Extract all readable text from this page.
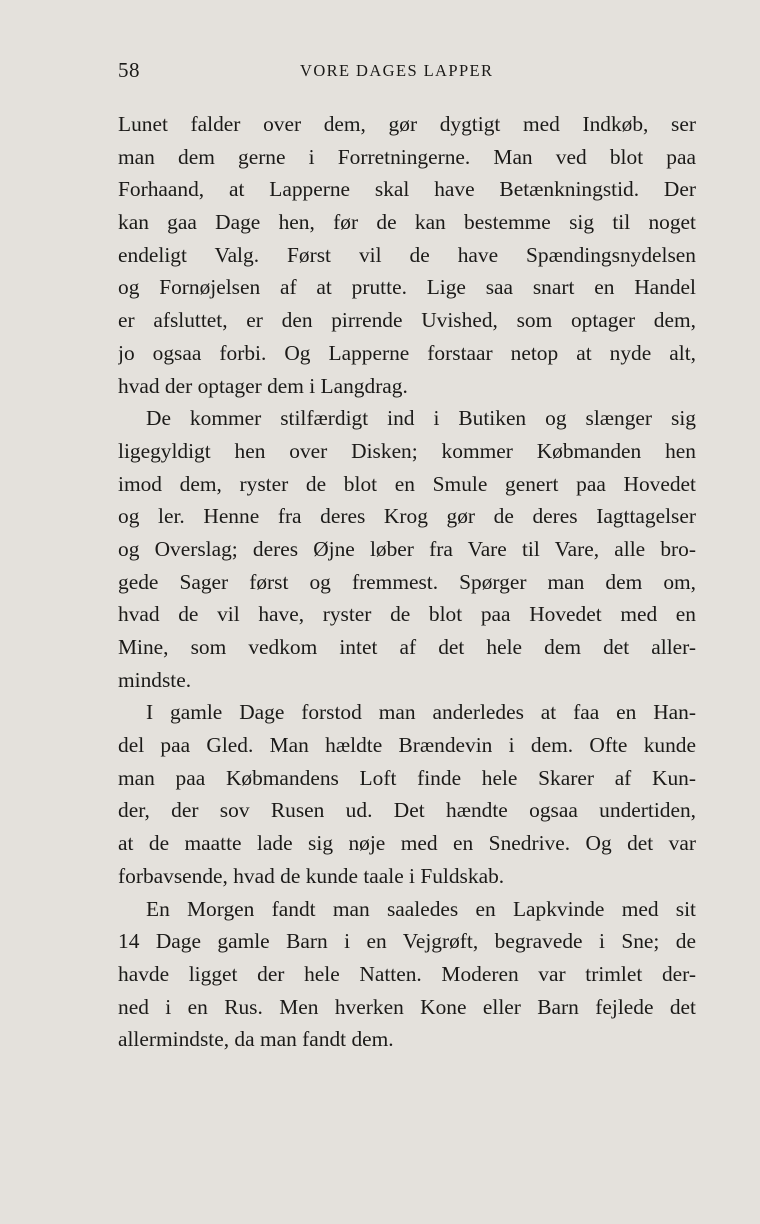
58	VORE DAGES LAPPER
Lunet falder over dem, gør dygtigt med Indkøb, ser
man dem gerne i Forretningerne. Man ved blot paa
Forhaand, at Lapperne skal have Betænkningstid. Der
kan gaa Dage hen, før de kan bestemme sig til noget
endeligt Valg. Først vil de have Spændingsnydelsen
og Fornøjelsen af at prutte. Lige saa snart en Handel
er afsluttet, er den pirrende Uvished, som optager dem,
jo ogsaa forbi. Og Lapperne forstaar netop at nyde alt,
hvad der optager dem i Langdrag.
De kommer stilfærdigt ind i Butiken og slænger sig
ligegyldigt hen over Disken; kommer Købmanden hen
imod dem, ryster de blot en Smule genert paa Hovedet
og ler. Henne fra deres Krog gør de deres Iagttagelser
og Overslag; deres Øjne løber fra Vare til Vare, alle bro-
gede Sager først og fremmest. Spørger man dem om,
hvad de vil have, ryster de blot paa Hovedet med en
Mine, som vedkom intet af det hele dem det aller-
mindste.
I gamle Dage forstod man anderledes at faa en Han-
del paa Gled. Man hældte Brændevin i dem. Ofte kunde
man paa Købmandens Loft finde hele Skarer af Kun-
der, der sov Rusen ud. Det hændte ogsaa undertiden,
at de maatte lade sig nøje med en Snedrive. Og det var
forbavsende, hvad de kunde taale i Fuldskab.
En Morgen fandt man saaledes en Lapkvinde med sit
14 Dage gamle Barn i en Vejgrøft, begravede i Sne; de
havde ligget der hele Natten. Moderen var trimlet der-
ned i en Rus. Men hverken Kone eller Barn fejlede det
allermindste, da man fandt dem.
